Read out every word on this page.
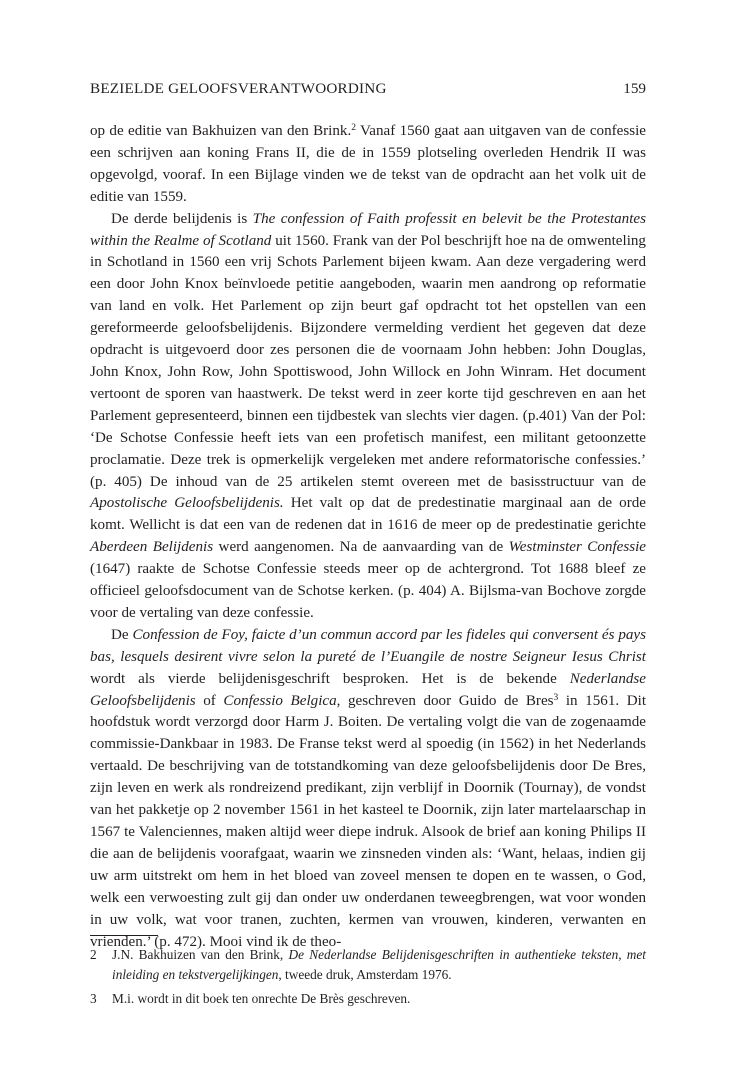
BEZIELDE GELOOFSVERANTWOORDING	159

op de editie van Bakhuizen van den Brink.$^2$ Vanaf 1560 gaat aan uitgaven van de confessie een schrijven aan koning Frans II, die de in 1559 plotseling overleden Hendrik II was opgevolgd, vooraf. In een Bijlage vinden we de tekst van de opdracht aan het volk uit de editie van 1559.

De derde belijdenis is The confession of Faith professit en belevit be the Protestantes within the Realme of Scotland uit 1560. Frank van der Pol beschrijft hoe na de omwenteling in Schotland in 1560 een vrij Schots Parlement bijeen kwam. Aan deze vergadering werd een door John Knox beïnvloede petitie aangeboden, waarin men aandrong op reformatie van land en volk. Het Parlement op zijn beurt gaf opdracht tot het opstellen van een gereformeerde geloofsbelijdenis. Bijzondere vermelding verdient het gegeven dat deze opdracht is uitgevoerd door zes personen die de voornaam John hebben: John Douglas, John Knox, John Row, John Spottiswood, John Willock en John Winram. Het document vertoont de sporen van haastwerk. De tekst werd in zeer korte tijd geschreven en aan het Parlement gepresenteerd, binnen een tijdbestek van slechts vier dagen. (p.401) Van der Pol: ‘De Schotse Confessie heeft iets van een profetisch manifest, een militant getoonzette proclamatie. Deze trek is opmerkelijk vergeleken met andere reformatorische confessies.’ (p. 405) De inhoud van de 25 artikelen stemt overeen met de basisstructuur van de Apostolische Geloofsbelijdenis. Het valt op dat de predestinatie marginaal aan de orde komt. Wellicht is dat een van de redenen dat in 1616 de meer op de predestinatie gerichte Aberdeen Belijdenis werd aangenomen. Na de aanvaarding van de Westminster Confessie (1647) raakte de Schotse Confessie steeds meer op de achtergrond. Tot 1688 bleef ze officieel geloofsdocument van de Schotse kerken. (p. 404) A. Bijlsma-van Bochove zorgde voor de vertaling van deze confessie.

De Confession de Foy, faicte d’un commun accord par les fideles qui conversent és pays bas, lesquels desirent vivre selon la pureté de l’Euangile de nostre Seigneur Iesus Christ wordt als vierde belijdenisgeschrift besproken. Het is de bekende Nederlandse Geloofsbelijdenis of Confessio Belgica, geschreven door Guido de Bres$^3$ in 1561. Dit hoofdstuk wordt verzorgd door Harm J. Boiten. De vertaling volgt die van de zogenaamde commissie-Dankbaar in 1983. De Franse tekst werd al spoedig (in 1562) in het Nederlands vertaald. De beschrijving van de totstandkoming van deze geloofsbelijdenis door De Bres, zijn leven en werk als rondreizend predikant, zijn verblijf in Doornik (Tournay), de vondst van het pakketje op 2 november 1561 in het kasteel te Doornik, zijn later martelaarschap in 1567 te Valenciennes, maken altijd weer diepe indruk. Alsook de brief aan koning Philips II die aan de belijdenis voorafgaat, waarin we zinsneden vinden als: ‘Want, helaas, indien gij uw arm uitstrekt om hem in het bloed van zoveel mensen te dopen en te wassen, o God, welk een verwoesting zult gij dan onder uw onderdanen teweegbrengen, wat voor wonden in uw volk, wat voor tranen, zuchten, kermen van vrouwen, kinderen, verwanten en vrienden.’ (p. 472). Mooi vind ik de theo-

2 J.N. Bakhuizen van den Brink, De Nederlandse Belijdenisgeschriften in authentieke teksten, met inleiding en tekstvergelijkingen, tweede druk, Amsterdam 1976.

3 M.i. wordt in dit boek ten onrechte De Brès geschreven.
